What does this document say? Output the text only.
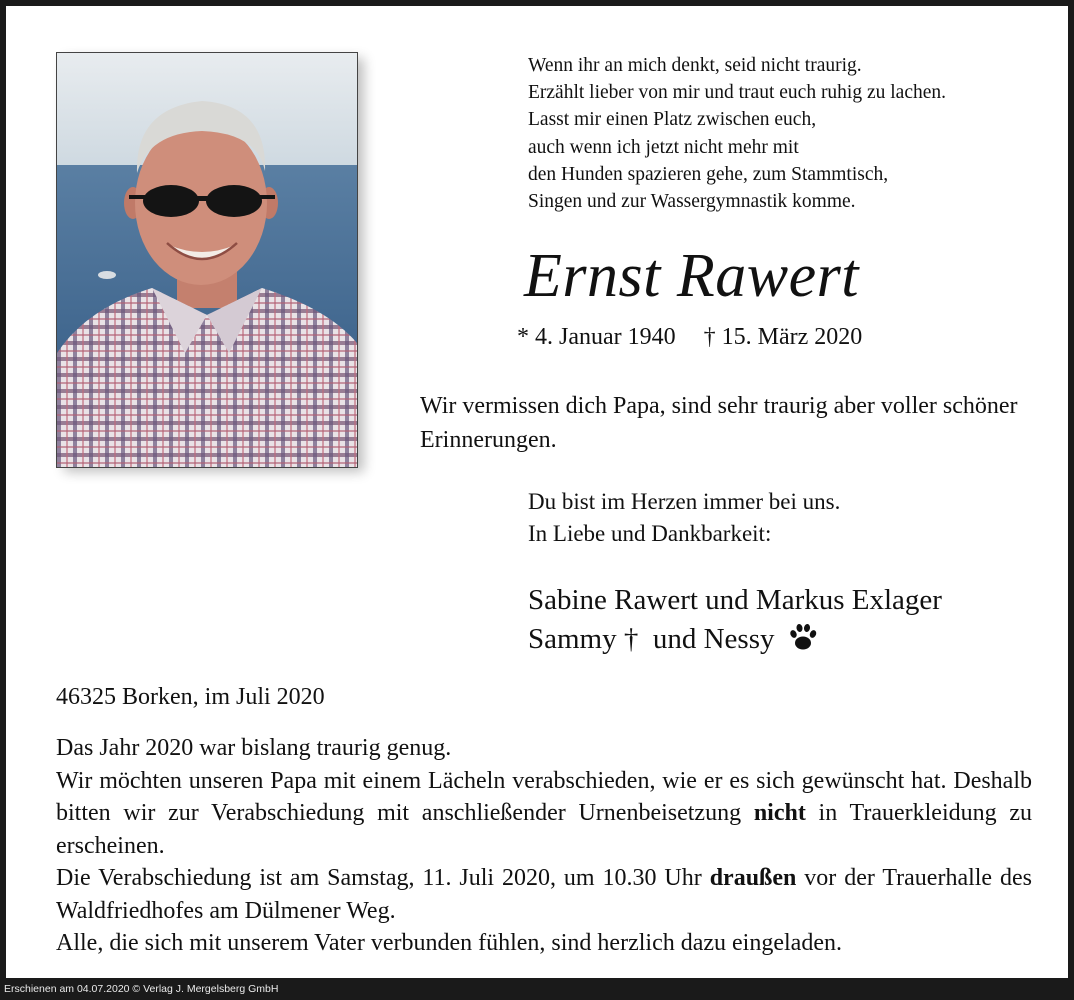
Wenn ihr an mich denkt, seid nicht traurig.
Erzählt lieber von mir und traut euch ruhig zu lachen.
Lasst mir einen Platz zwischen euch,
auch wenn ich jetzt nicht mehr mit
den Hunden spazieren gehe, zum Stammtisch,
Singen und zur Wassergymnastik komme.
Ernst Rawert
* 4. Januar 1940 † 15. März 2020
Wir vermissen dich Papa, sind sehr traurig aber voller schöner Erinnerungen.
Du bist im Herzen immer bei uns.
In Liebe und Dankbarkeit:
Sabine Rawert und Markus Exlager
Sammy †  und Nessy
46325 Borken, im Juli 2020
Das Jahr 2020 war bislang traurig genug.
Wir möchten unseren Papa mit einem Lächeln verabschieden, wie er es sich gewünscht hat. Deshalb bitten wir zur Verabschiedung mit anschließender Urnenbeisetzung nicht in Trauerkleidung zu erscheinen.
Die Verabschiedung ist am Samstag, 11. Juli 2020, um 10.30 Uhr draußen vor der Trauerhalle des Waldfriedhofes am Dülmener Weg.
Alle, die sich mit unserem Vater verbunden fühlen, sind herzlich dazu eingeladen.
Erschienen am 04.07.2020 © Verlag J. Mergelsberg GmbH
